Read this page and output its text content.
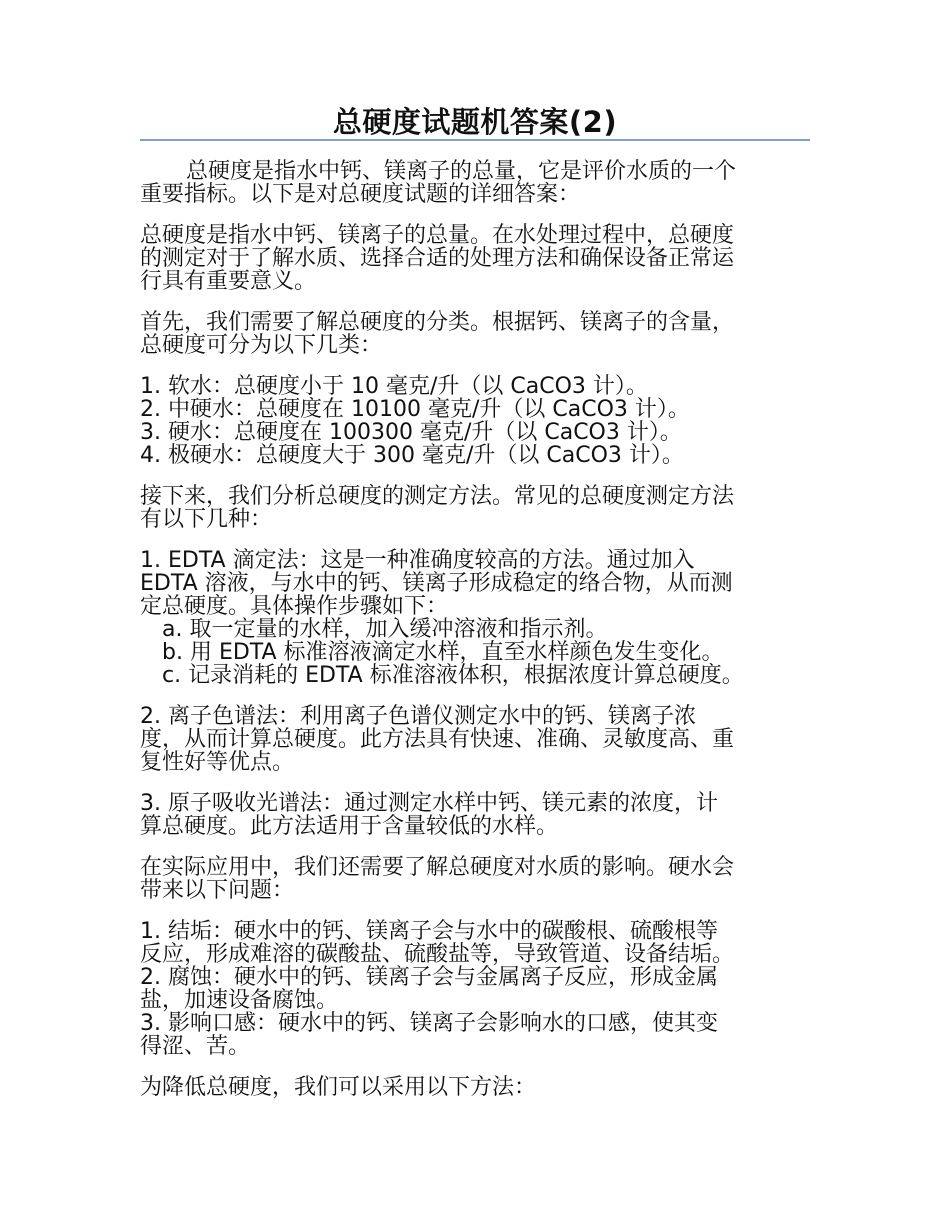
总硬度试题机答案(2)
总硬度是指水中钙、镁离子的总量，它是评价水质的一个
重要指标。以下是对总硬度试题的详细答案：
总硬度是指水中钙、镁离子的总量。在水处理过程中，总硬度
的测定对于了解水质、选择合适的处理方法和确保设备正常运
行具有重要意义。
首先，我们需要了解总硬度的分类。根据钙、镁离子的含量，
总硬度可分为以下几类：
1. 软水：总硬度小于 10 毫克/升（以 CaCO3 计）。
2. 中硬水：总硬度在 10100 毫克/升（以 CaCO3 计）。
3. 硬水：总硬度在 100300 毫克/升（以 CaCO3 计）。
4. 极硬水：总硬度大于 300 毫克/升（以 CaCO3 计）。
接下来，我们分析总硬度的测定方法。常见的总硬度测定方法
有以下几种：
1. EDTA 滴定法：这是一种准确度较高的方法。通过加入
EDTA 溶液，与水中的钙、镁离子形成稳定的络合物，从而测
定总硬度。具体操作步骤如下：
a. 取一定量的水样，加入缓冲溶液和指示剂。
b. 用 EDTA 标准溶液滴定水样，直至水样颜色发生变化。
c. 记录消耗的 EDTA 标准溶液体积，根据浓度计算总硬度。
2. 离子色谱法：利用离子色谱仪测定水中的钙、镁离子浓
度，从而计算总硬度。此方法具有快速、准确、灵敏度高、重
复性好等优点。
3. 原子吸收光谱法：通过测定水样中钙、镁元素的浓度，计
算总硬度。此方法适用于含量较低的水样。
在实际应用中，我们还需要了解总硬度对水质的影响。硬水会
带来以下问题：
1. 结垢：硬水中的钙、镁离子会与水中的碳酸根、硫酸根等
反应，形成难溶的碳酸盐、硫酸盐等，导致管道、设备结垢。
2. 腐蚀：硬水中的钙、镁离子会与金属离子反应，形成金属
盐，加速设备腐蚀。
3. 影响口感：硬水中的钙、镁离子会影响水的口感，使其变
得涩、苦。
为降低总硬度，我们可以采用以下方法：
